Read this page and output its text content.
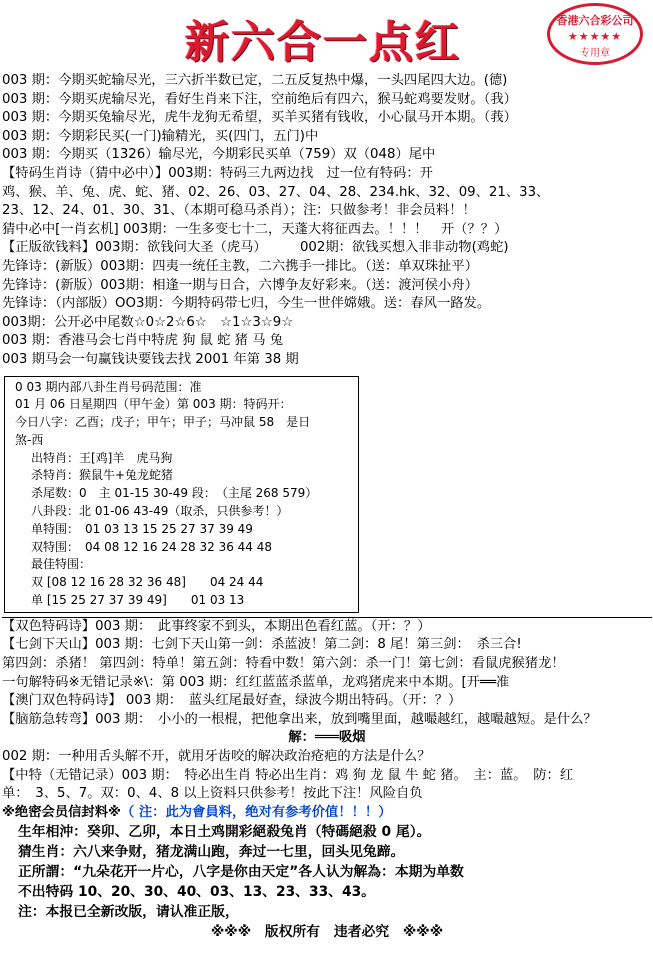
新六合一点红	香港六合彩公司
★★★★★
专用章
003 期：今期买蛇输尽光，三六折半数已定，二五反复热中爆，一头四尾四大边。(德)
003 期：今期买虎输尽光，看好生肖来下注，空前绝后有四六，猴马蛇鸡要发财。（我）
003 期：今期买兔输尽光，虎牛龙狗无希望，买羊买猪有钱收，小心鼠马开本期。（莪）
003 期：今期彩民买(一门)输精光，买(四门，五门)中
003 期：今期买（1326）输尽光，今期彩民买单（759）双（048）尾中
【特码生肖诗（猜中必中）】003期：特码三九两边找　过一位有特码：开
鸡、猴、羊、兔、虎、蛇、猪、02、26、03、27、04、28、234.hk、32、09、21、33、
23、12、24、01、30、31、（本期可稳马杀肖）；注：只做参考！非会员料！！
猜中必中[一肖玄机] 003期：一生多变七十二，天蓬大将征西去。！！！　开（？？）
【正版欲钱料】003期：欲钱问大圣（虎马）　　　002期：欲钱买想入非非动物(鸡蛇)
先锋诗：(新版）003期：四夷一统任主教，二六携手一排比。（送：单双珠扯平）
先锋诗：(新版）003期：相逢一期与日合，六博争友好彩来。（送：渡河侯小舟）
先锋诗：（内部版）OO3期：今期特码带七归，今生一世伴嫦娥。送：春风一路发。
003期：公开必中尾数☆0☆2☆6☆　☆1☆3☆9☆
003 期：香港马会七肖中特虎 狗 鼠 蛇 猪 马 兔
003 期马会一句赢钱诀要钱去找 2001 年第 38 期
0 03 期内部八卦生肖号码范围：准
01 月 06 日星期四（甲午金）第 003 期：特码开：
今日八字：乙酉；戊子；甲午；甲子；马冲鼠 58　是日
煞-西
出特肖：王[鸡]羊　虎马狗
杀特肖：猴鼠牛+兔龙蛇猪
杀尾数：0　主 01-15 30-49 段：　（主尾 268 579）
八卦段：北 01-06 43-49（取杀，只供参考！）
单特围：　01 03 13 15 25 27 37 39 49
双特围：　04 08 12 16 24 28 32 36 44 48
最佳特围：
双 [08 12 16 28 32 36 48]　　04 24 44
单 [15 25 27 37 39 49]　　01 03 13
【双色特码诗】003 期：　此事终家不到头，本期出色看红蓝。（开：？）
【七剑下天山】003 期：七剑下天山第一剑：杀蓝波！第二剑：8 尾！第三剑：　杀三合!
第四剑：杀猪！ 第四剑：特单！第五剑：特看中数！第六剑：杀一门！第七剑：看鼠虎猴猪龙！
一句解特码※无错记录※\：第 003 期：红红蓝蓝杀蓝单，龙鸡猪虎来中本期。[开══准
【澳门双色特码诗】 003 期：　蓝头红尾最好查，绿波今期出特码。（开：？）
【脑筋急转弯】003 期：　小小的一根棍，把他拿出来，放到嘴里面，越嘬越红，越嘬越短。是什么？
解：═══吸烟
002 期：一种用舌头解不开，就用牙齿咬的解决政治疮疤的方法是什么？
【中特（无错记录）003 期：　特必出生肖 特必出生肖：鸡 狗 龙 鼠 牛 蛇 猪。　主：蓝。　防：红
单：　3、5、7。双：0、4、8 以上资料只供参考！按此下注！风险自负
※绝密会员信封料※（ 注：此为會員料，绝对有参考价值！！！）
生年相沖：癸卯、乙卯，本日土鸡開彩絕殺兔肖（特碼絕殺 0 尾）。
猜生肖：六八来争财，猪龙满山跑，奔过一七里，回头见兔蹄。
正所謂：“九朵花开一片心，八字是你由天定”各人认为解為：本期为单数
不出特码 10、20、30、40、03、13、23、33、43。
注：本报已全新改版，请认准正版，
※※※　版权所有　违者必究　※※※
